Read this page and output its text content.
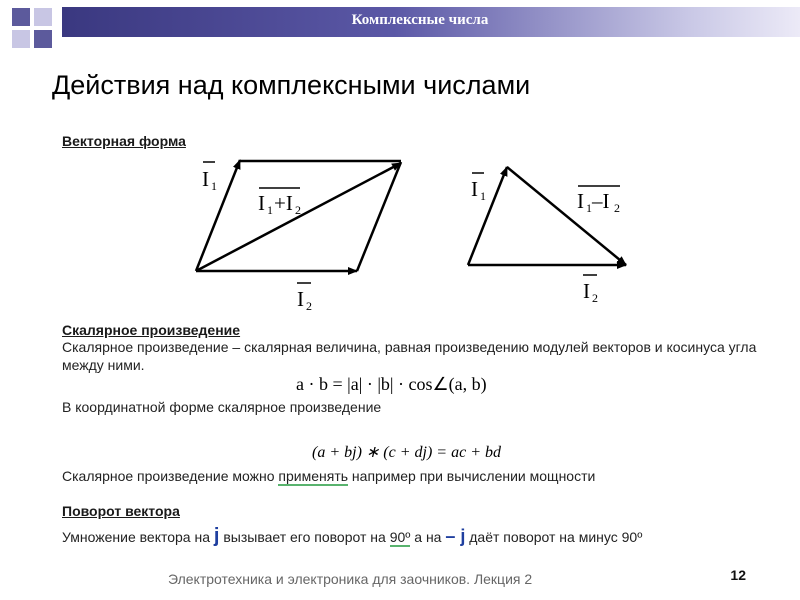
Комплексные числа
Действия над комплексными числами
Векторная форма
I 1
I 1 +I 2
I 2
I 1	I 1 –I 2
I 2
Скалярное произведение
Скалярное произведение – скалярная величина, равная произведению модулей векторов и косинуса угла между ними.
a · b = |a| · |b| · cos∠(a, b)
В координатной форме скалярное произведение
(a + bj) ∗ (c + dj) = ac + bd
Скалярное произведение можно применять например при вычислении мощности
Поворот вектора
Умножение вектора на j вызывает его поворот на 90º а на – j даёт поворот на минус 90º
Электротехника и электроника для заочников. Лекция 2	12
